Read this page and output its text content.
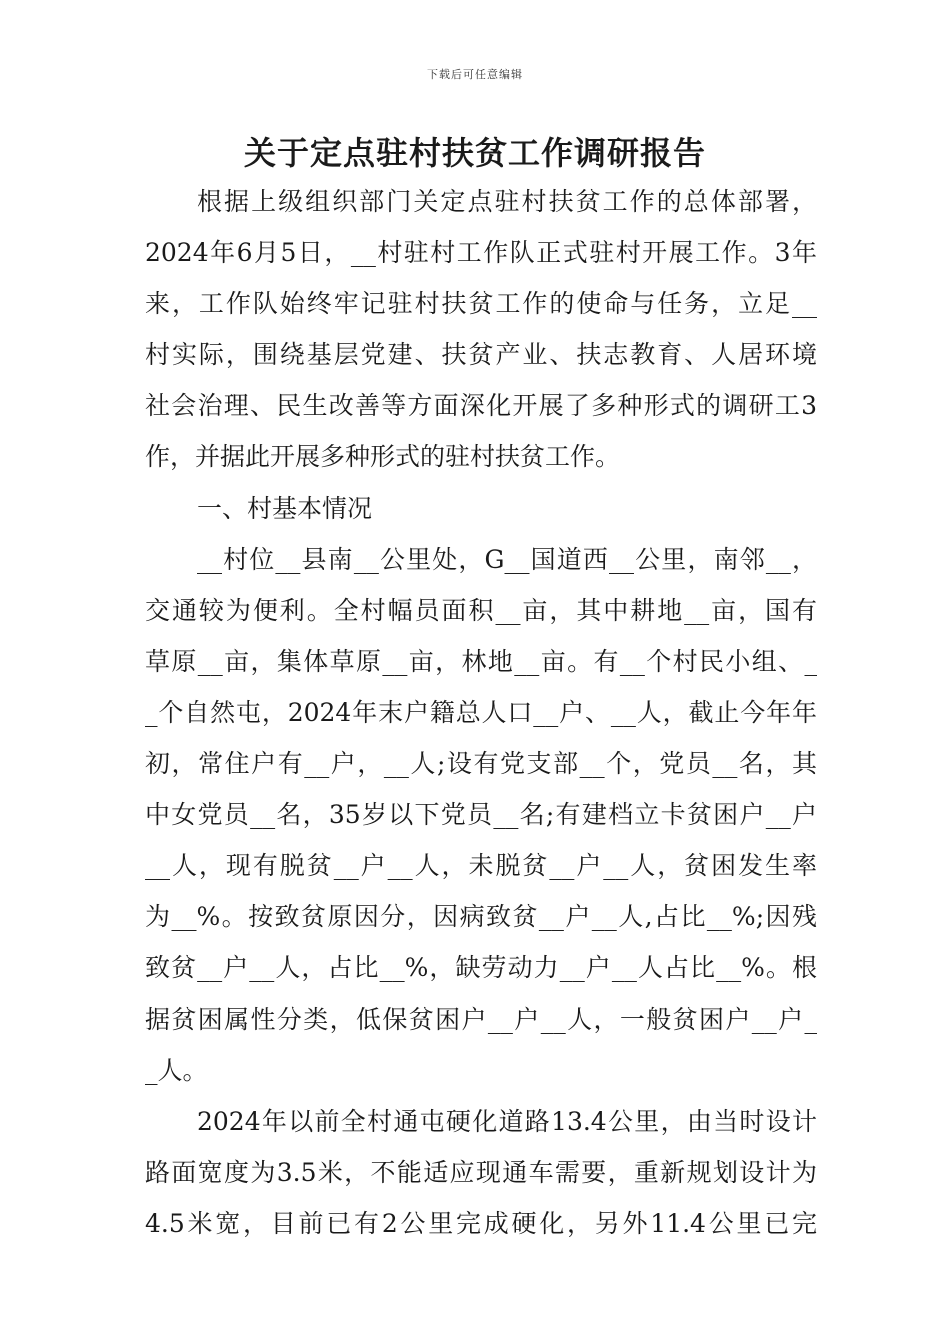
下载后可任意编辑
关于定点驻村扶贫工作调研报告
根据上级组织部门关定点驻村扶贫工作的总体部署，
2024年6月5日，__村驻村工作队正式驻村开展工作。3年
来，工作队始终牢记驻村扶贫工作的使命与任务，立足__
村实际，围绕基层党建、扶贫产业、扶志教育、人居环境
社会治理、民生改善等方面深化开展了多种形式的调研工3
作，并据此开展多种形式的驻村扶贫工作。
一、村基本情况
__村位__县南__公里处，G__国道西__公里，南邻__，
交通较为便利。全村幅员面积__亩，其中耕地__亩，国有
草原__亩，集体草原__亩，林地__亩。有__个村民小组、_
_个自然屯，2024年末户籍总人口__户、__人，截止今年年
初，常住户有__户，__人;设有党支部__个，党员__名，其
中女党员__名，35岁以下党员__名;有建档立卡贫困户__户
__人，现有脱贫__户__人，未脱贫__户__人，贫困发生率
为__%。按致贫原因分，因病致贫__户__人,占比__%;因残
致贫__户__人，占比__%，缺劳动力__户__人占比__%。根
据贫困属性分类，低保贫困户__户__人，一般贫困户__户_
_人。
2024年以前全村通屯硬化道路13.4公里，由当时设计
路面宽度为3.5米，不能适应现通车需要，重新规划设计为
4.5米宽，目前已有2公里完成硬化，另外11.4公里已完
